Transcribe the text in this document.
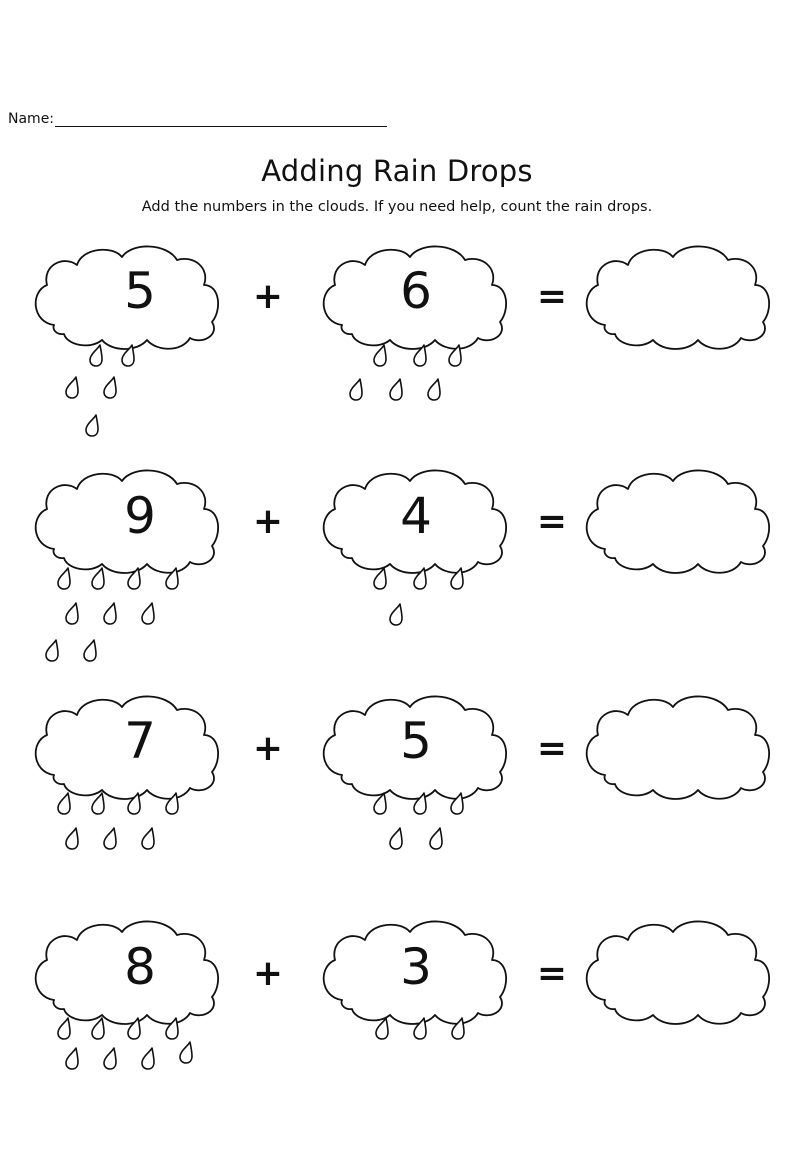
Name:
Adding Rain Drops
Add the numbers in the clouds. If you need help, count the rain drops.
5	+ 6	=
9	+ 4	=
7	+ 5	=
8	+ 3	=
